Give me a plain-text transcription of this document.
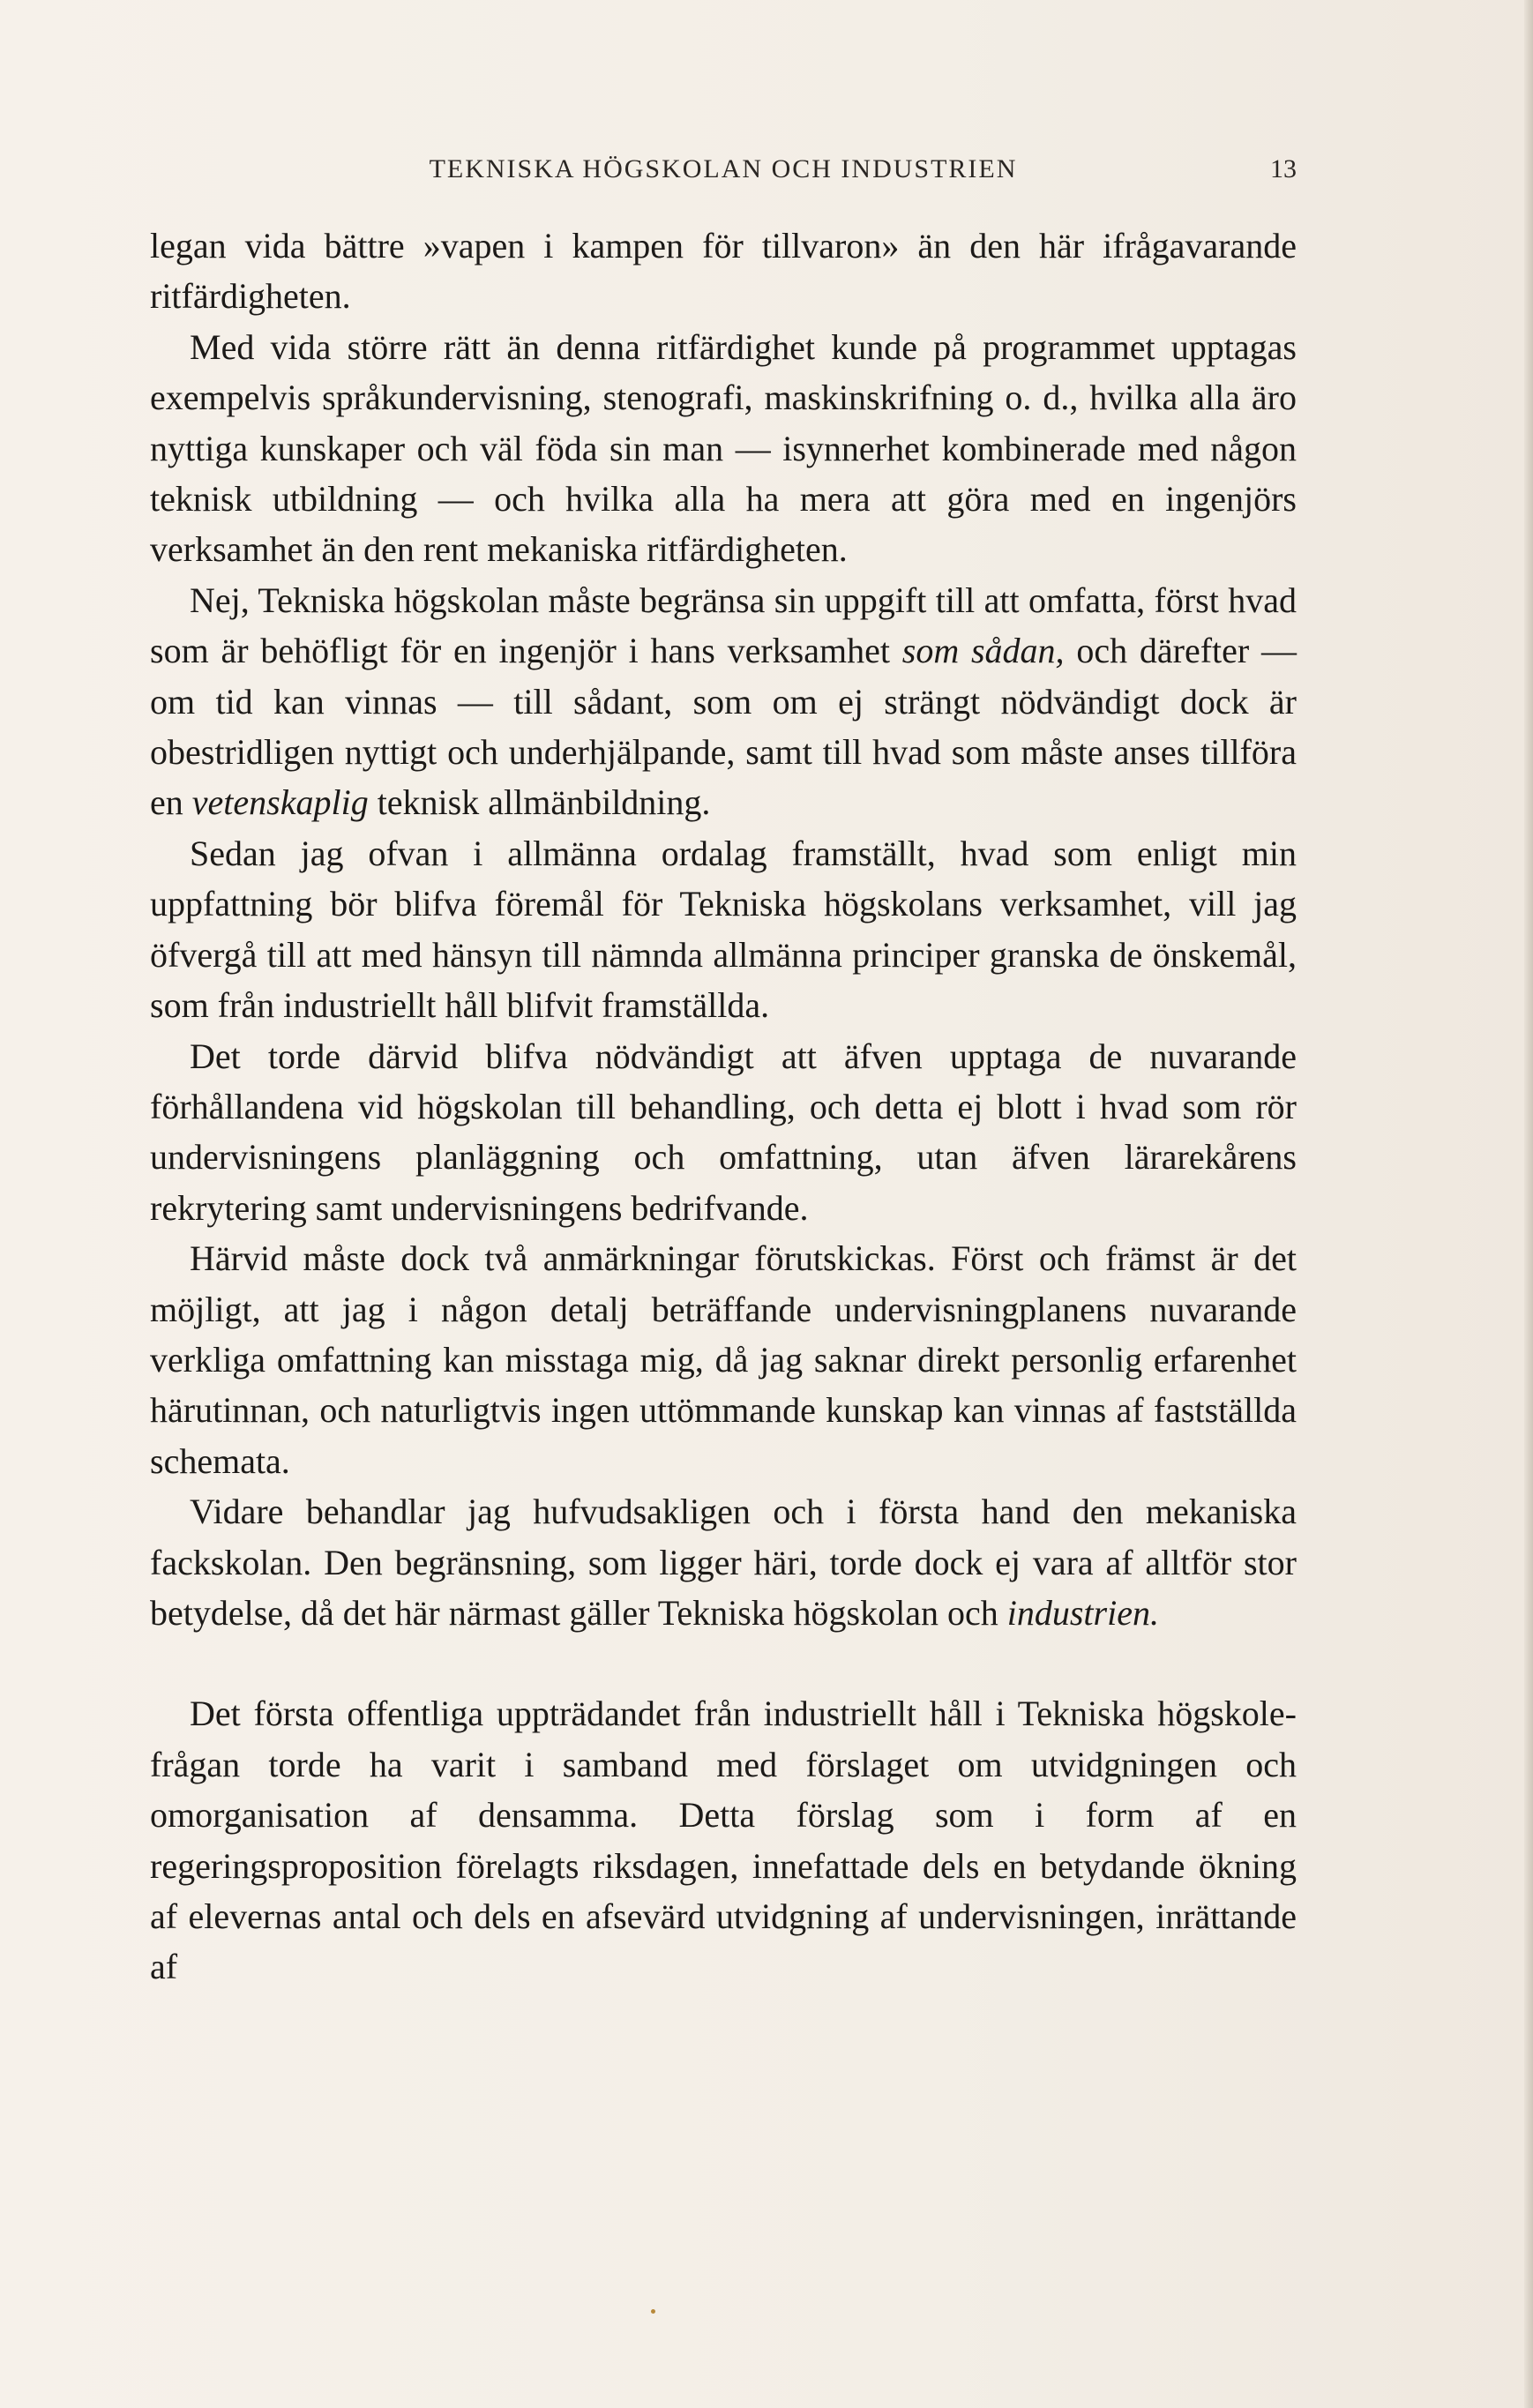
TEKNISKA HÖGSKOLAN OCH INDUSTRIEN	13

legan vida bättre »vapen i kampen för tillvaron» än den här ifrågavarande ritfärdigheten.

Med vida större rätt än denna ritfärdighet kunde på programmet upptagas exempelvis språkundervisning, stenografi, maskinskrifning o. d., hvilka alla äro nyttiga kunskaper och väl föda sin man — isynnerhet kombinerade med någon teknisk utbildning — och hvilka alla ha mera att göra med en ingenjörs verksamhet än den rent mekaniska ritfärdigheten.

Nej, Tekniska högskolan måste begränsa sin uppgift till att omfatta, först hvad som är behöfligt för en ingenjör i hans verksamhet som sådan, och därefter — om tid kan vinnas — till sådant, som om ej strängt nödvändigt dock är obestridligen nyttigt och underhjälpande, samt till hvad som måste anses tillföra en vetenskaplig teknisk allmänbildning.

Sedan jag ofvan i allmänna ordalag framställt, hvad som enligt min uppfattning bör blifva föremål för Tekniska högskolans verksamhet, vill jag öfvergå till att med hänsyn till nämnda allmänna principer granska de önskemål, som från industriellt håll blifvit framställda.

Det torde därvid blifva nödvändigt att äfven upptaga de nuvarande förhållandena vid högskolan till behandling, och detta ej blott i hvad som rör undervisningens planläggning och omfattning, utan äfven lärarekårens rekrytering samt undervisningens bedrifvande.

Härvid måste dock två anmärkningar förutskickas. Först och främst är det möjligt, att jag i någon detalj beträffande undervisningplanens nuvarande verkliga omfattning kan misstaga mig, då jag saknar direkt personlig erfarenhet härutinnan, och naturligtvis ingen uttömmande kunskap kan vinnas af fastställda schemata.

Vidare behandlar jag hufvudsakligen och i första hand den mekaniska fackskolan. Den begränsning, som ligger häri, torde dock ej vara af alltför stor betydelse, då det här närmast gäller Tekniska högskolan och industrien.

Det första offentliga uppträdandet från industriellt håll i Tekniska högskole-frågan torde ha varit i samband med förslaget om utvidgningen och omorganisation af densamma. Detta förslag som i form af en regeringsproposition förelagts riksdagen, innefattade dels en betydande ökning af elevernas antal och dels en afsevärd utvidgning af undervisningen, inrättande af
